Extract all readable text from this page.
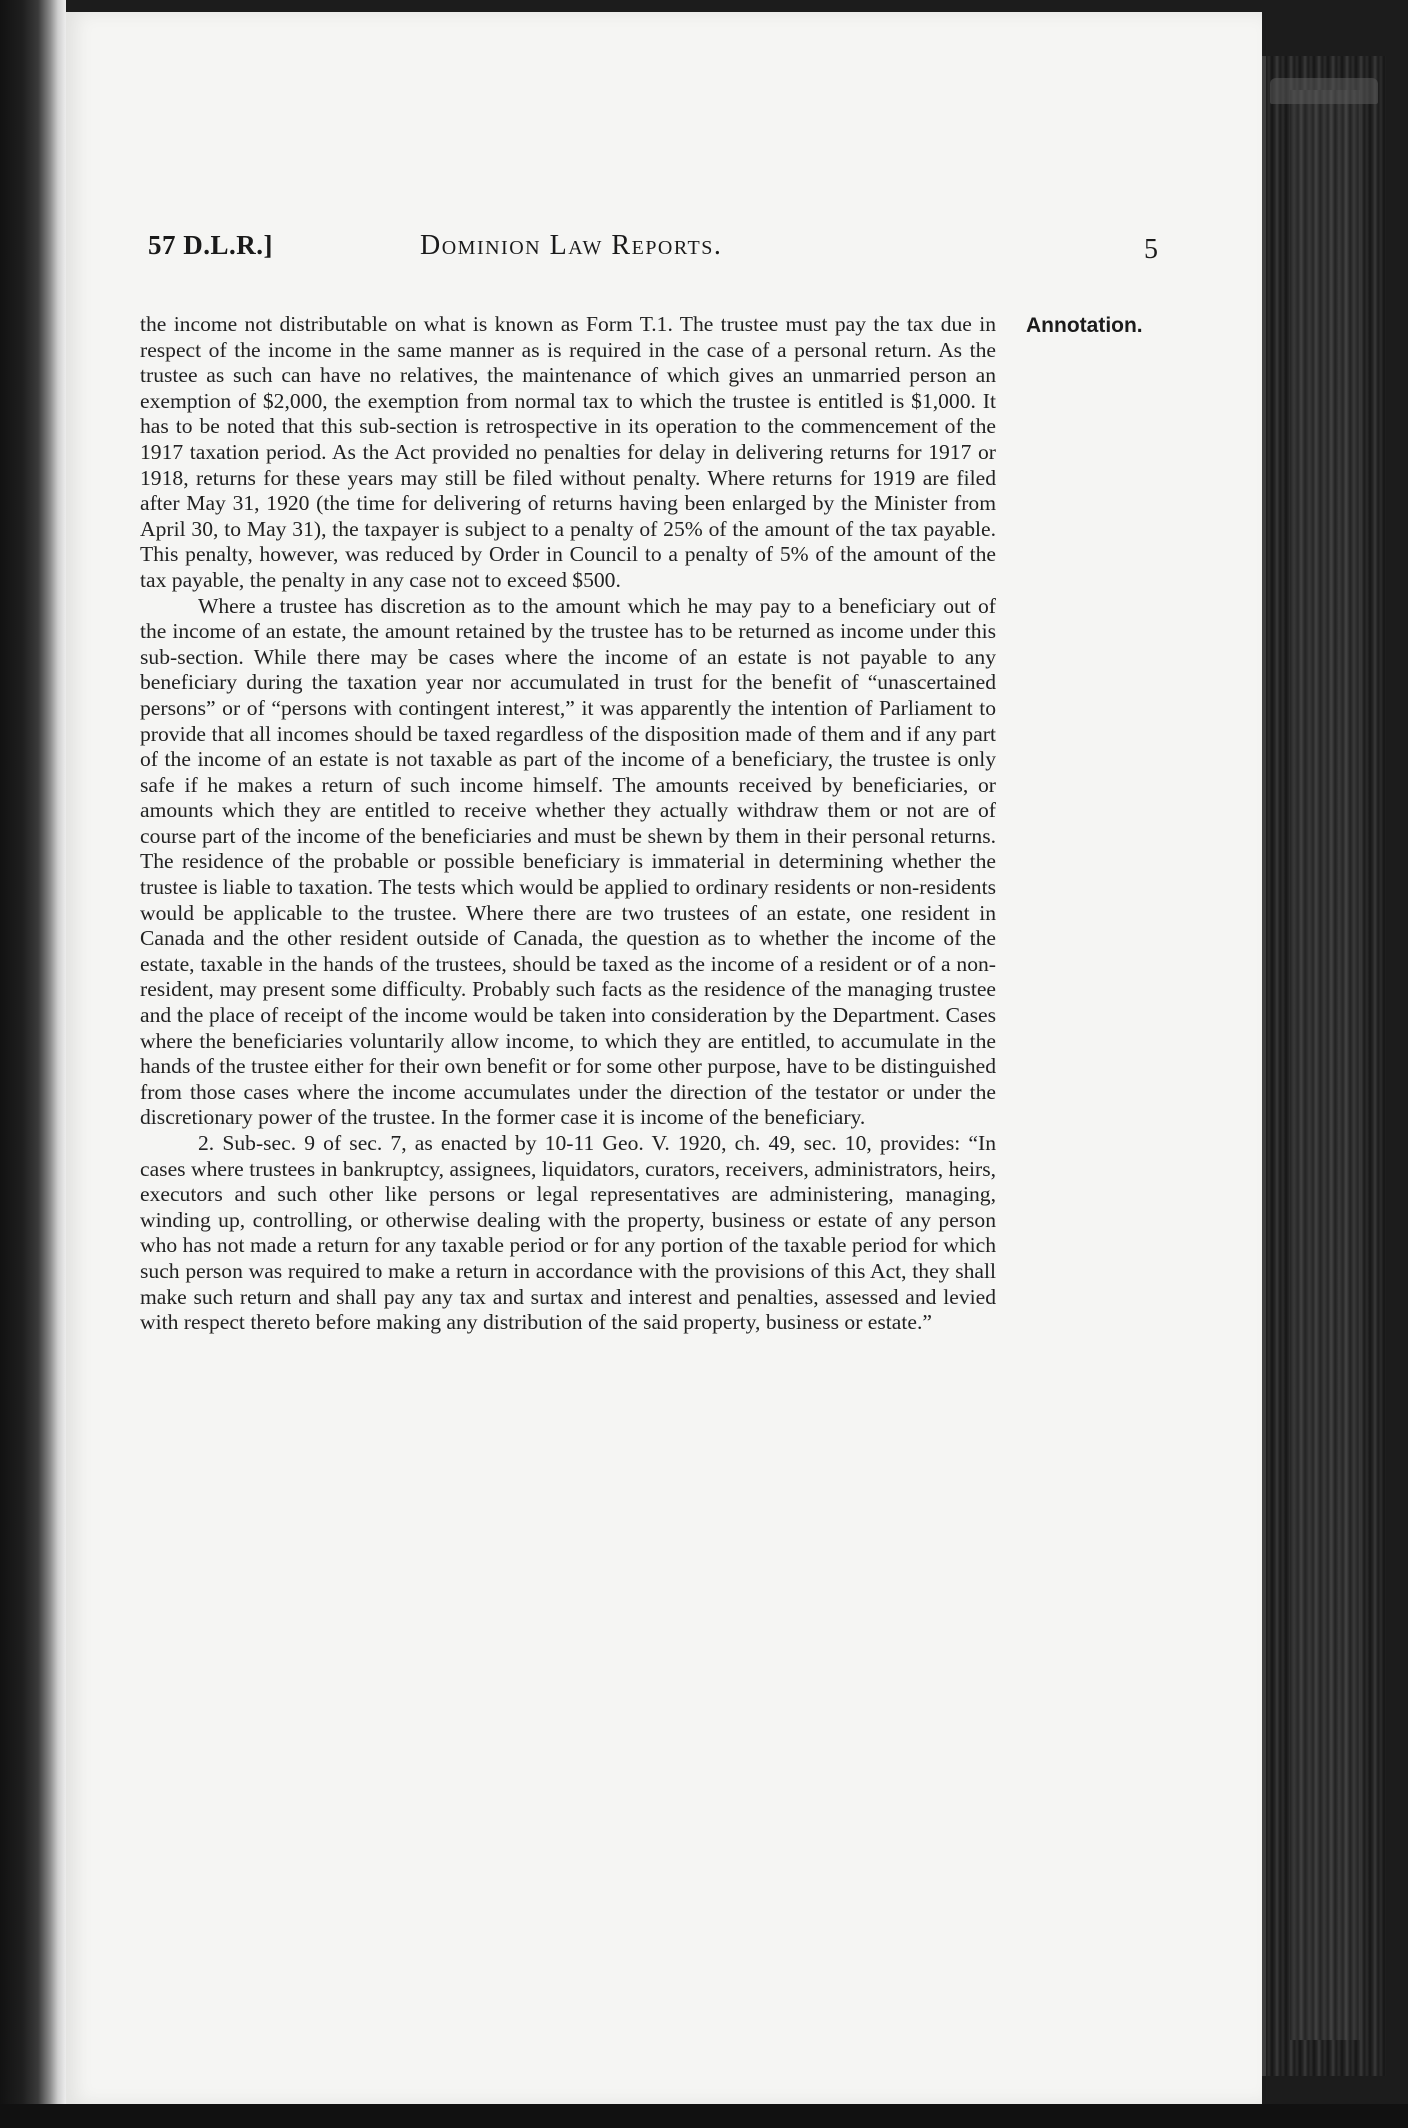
57 D.L.R.]	Dominion Law Reports.	5
Annotation.

the income not distributable on what is known as Form T.1. The trustee must pay the tax due in respect of the income in the same manner as is required in the case of a personal return. As the trustee as such can have no relatives, the maintenance of which gives an unmarried person an exemption of $2,000, the exemption from normal tax to which the trustee is entitled is $1,000. It has to be noted that this sub-section is retrospective in its operation to the commencement of the 1917 taxation period. As the Act provided no penalties for delay in delivering returns for 1917 or 1918, returns for these years may still be filed without penalty. Where returns for 1919 are filed after May 31, 1920 (the time for delivering of returns having been enlarged by the Minister from April 30, to May 31), the taxpayer is subject to a penalty of 25% of the amount of the tax payable. This penalty, however, was reduced by Order in Council to a penalty of 5% of the amount of the tax payable, the penalty in any case not to exceed $500.

Where a trustee has discretion as to the amount which he may pay to a beneficiary out of the income of an estate, the amount retained by the trustee has to be returned as income under this sub-section. While there may be cases where the income of an estate is not payable to any beneficiary during the taxation year nor accumulated in trust for the benefit of “unascertained persons” or of “persons with contingent interest,” it was apparently the intention of Parliament to provide that all incomes should be taxed regardless of the disposition made of them and if any part of the income of an estate is not taxable as part of the income of a beneficiary, the trustee is only safe if he makes a return of such income himself. The amounts received by beneficiaries, or amounts which they are entitled to receive whether they actually withdraw them or not are of course part of the income of the beneficiaries and must be shewn by them in their personal returns. The residence of the probable or possible beneficiary is immaterial in determining whether the trustee is liable to taxation. The tests which would be applied to ordinary residents or non-residents would be applicable to the trustee. Where there are two trustees of an estate, one resident in Canada and the other resident outside of Canada, the question as to whether the income of the estate, taxable in the hands of the trustees, should be taxed as the income of a resident or of a non-resident, may present some difficulty. Probably such facts as the residence of the managing trustee and the place of receipt of the income would be taken into consideration by the Department. Cases where the beneficiaries voluntarily allow income, to which they are entitled, to accumulate in the hands of the trustee either for their own benefit or for some other purpose, have to be distinguished from those cases where the income accumulates under the direction of the testator or under the discretionary power of the trustee. In the former case it is income of the beneficiary.

2. Sub-sec. 9 of sec. 7, as enacted by 10-11 Geo. V. 1920, ch. 49, sec. 10, provides: “In cases where trustees in bankruptcy, assignees, liquidators, curators, receivers, administrators, heirs, executors and such other like persons or legal representatives are administering, managing, winding up, controlling, or otherwise dealing with the property, business or estate of any person who has not made a return for any taxable period or for any portion of the taxable period for which such person was required to make a return in accordance with the provisions of this Act, they shall make such return and shall pay any tax and surtax and interest and penalties, assessed and levied with respect thereto before making any distribution of the said property, business or estate.”
